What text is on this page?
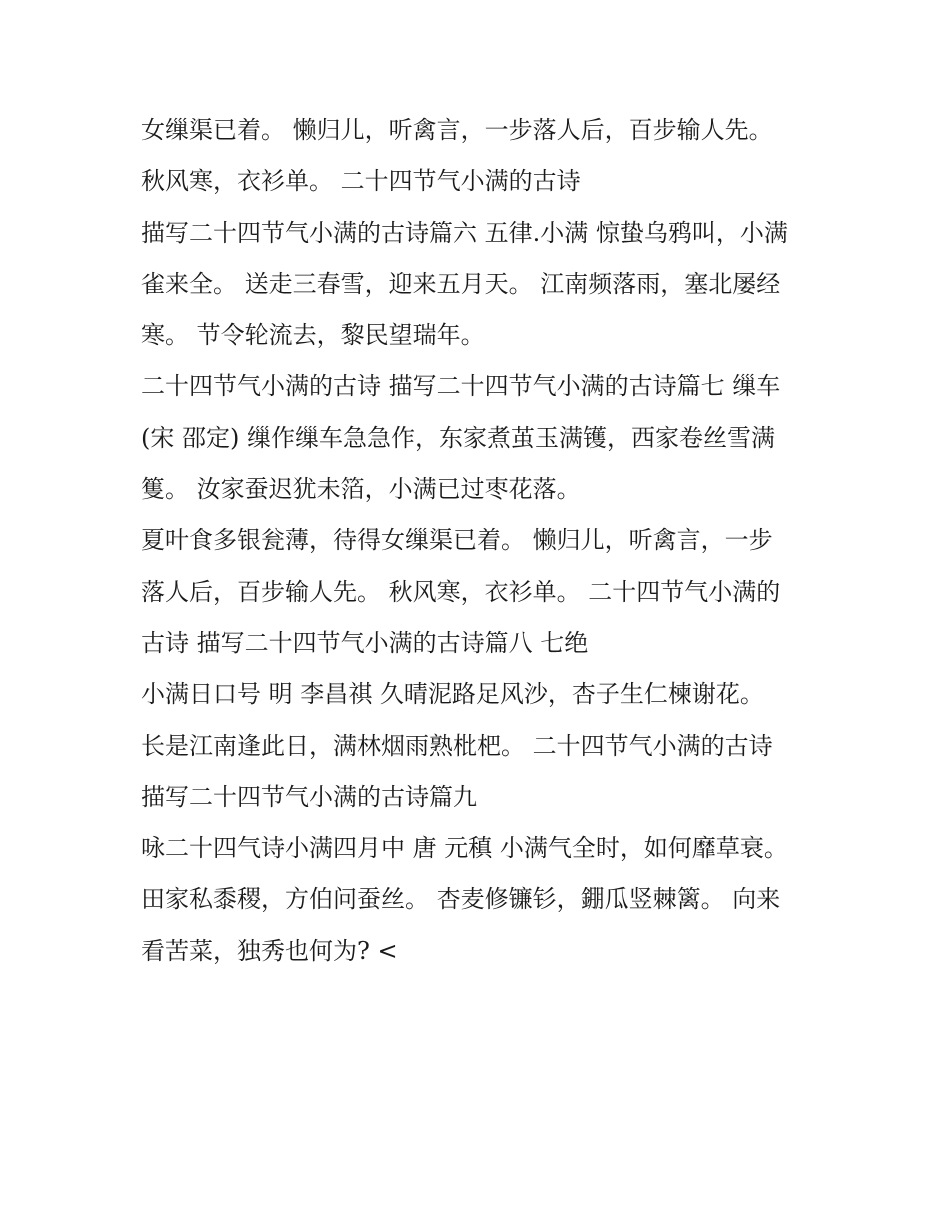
女缫渠已着。 懒归儿，听禽言，一步落人后，百步输人先。
秋风寒，衣衫单。 二十四节气小满的古诗
描写二十四节气小满的古诗篇六 五律.小满 惊蛰乌鸦叫，小满
雀来全。 送走三春雪，迎来五月天。 江南频落雨，塞北屡经
寒。 节令轮流去，黎民望瑞年。
二十四节气小满的古诗 描写二十四节气小满的古诗篇七 缫车
(宋 邵定) 缫作缫车急急作，东家煮茧玉满镬，西家卷丝雪满
篗。 汝家蚕迟犹未箔，小满已过枣花落。
夏叶食多银瓮薄，待得女缫渠已着。 懒归儿，听禽言，一步
落人后，百步输人先。 秋风寒，衣衫单。 二十四节气小满的
古诗 描写二十四节气小满的古诗篇八 七绝
小满日口号 明 李昌祺 久晴泥路足风沙，杏子生仁楝谢花。
长是江南逢此日，满林烟雨熟枇杷。 二十四节气小满的古诗
描写二十四节气小满的古诗篇九
咏二十四气诗小满四月中 唐 元稹 小满气全时，如何靡草衰。
田家私黍稷，方伯问蚕丝。 杏麦修镰钐，錋瓜竖棘篱。 向来
看苦菜，独秀也何为? <
